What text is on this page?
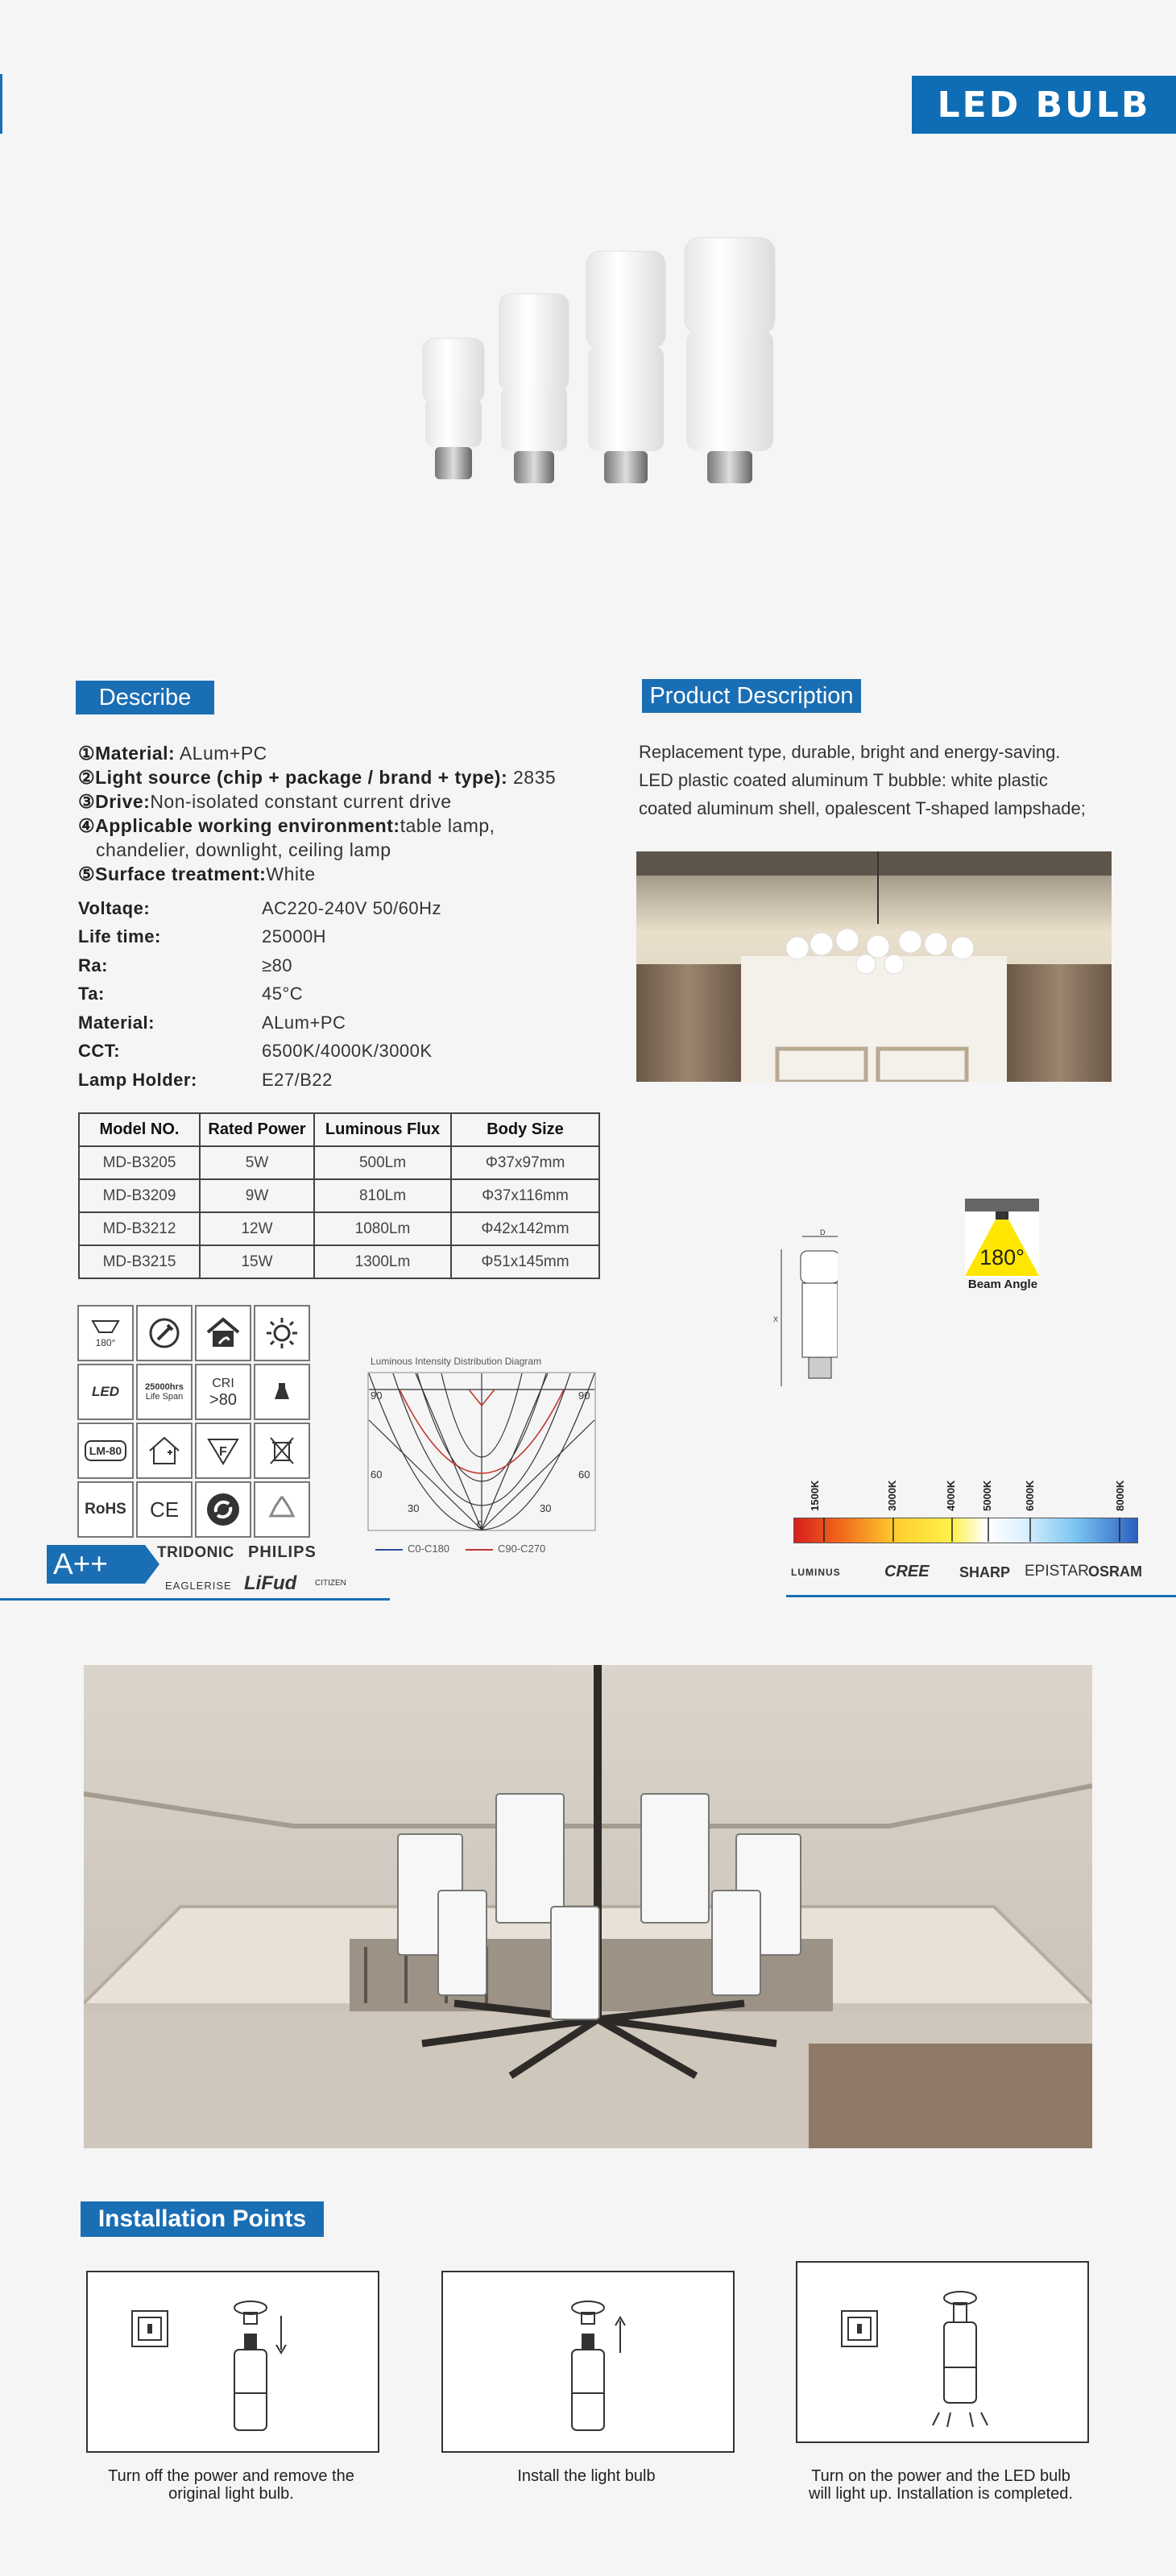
LED BULB
Describe
①Material: ALum+PC
②Light source (chip + package / brand + type): 2835
③Drive:Non-isolated constant current drive
④Applicable working environment:table lamp,
chandelier, downlight, ceiling lamp
⑤Surface treatment:White
Voltaqe:	AC220-240V 50/60Hz
Life time:	25000H
Ra:	≥80
Ta:	45°C
Material:	ALum+PC
CCT:	6500K/4000K/3000K
Lamp Holder:	E27/B22
Model NO.	Rated Power	Luminous Flux	Body Size
MD-B3205	5W	500Lm	Φ37x97mm
MD-B3209	9W	810Lm	Φ37x116mm
MD-B3212	12W	1080Lm	Φ42x142mm
MD-B3215	15W	1300Lm	Φ51x145mm
180°
LED	25000hrs
Life Span
CRI
>80
LM-80	F
RoHS	CE
A++	TRIDONIC PHILIPS
EAGLERISE LiFud CITIZEN
Luminous Intensity Distribution Diagram
90	90
60	60
30	30
0
C0-C180	C90-C270
Product Description
Replacement type, durable, bright and energy-saving.
LED plastic coated aluminum T bubble: white plastic
coated aluminum shell, opalescent T-shaped lampshade;
D
X
180°
Beam Angle
1500K	3000K	4000K 5000K	6000K	8000K
LUMINUS	CREE SHARP EPISTAR OSRAM
Installation Points
Turn off the power and remove the original light bulb.
Install the light bulb	Turn on the power and the LED bulb will light up. Installation is completed.
